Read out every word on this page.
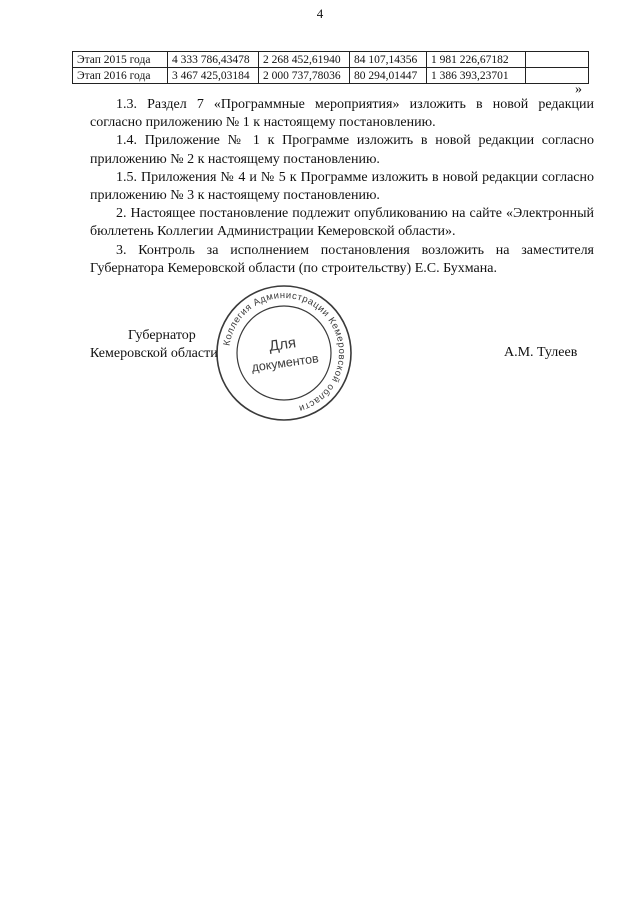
4
Этап 2015 года	4 333 786,43478	2 268 452,61940	84 107,14356	1 981 226,67182	
Этап 2016 года	3 467 425,03184	2 000 737,78036	80 294,01447	1 386 393,23701	
»

1.3. Раздел 7 «Программные мероприятия» изложить в новой редакции согласно приложению № 1 к настоящему постановлению.

1.4. Приложение № 1 к Программе изложить в новой редакции согласно приложению № 2 к настоящему постановлению.

1.5. Приложения № 4 и № 5 к Программе изложить в новой редакции согласно приложению № 3 к настоящему постановлению.

2. Настоящее постановление подлежит опубликованию на сайте «Электронный бюллетень Коллегии Администрации Кемеровской области».

3. Контроль за исполнением постановления возложить на заместителя Губернатора Кемеровской области (по строительству) Е.С. Бухмана.

Губернатор
Кемеровской области	А.М. Тулеев
Коллегия Администрации Кемеровской области
Для
документов
